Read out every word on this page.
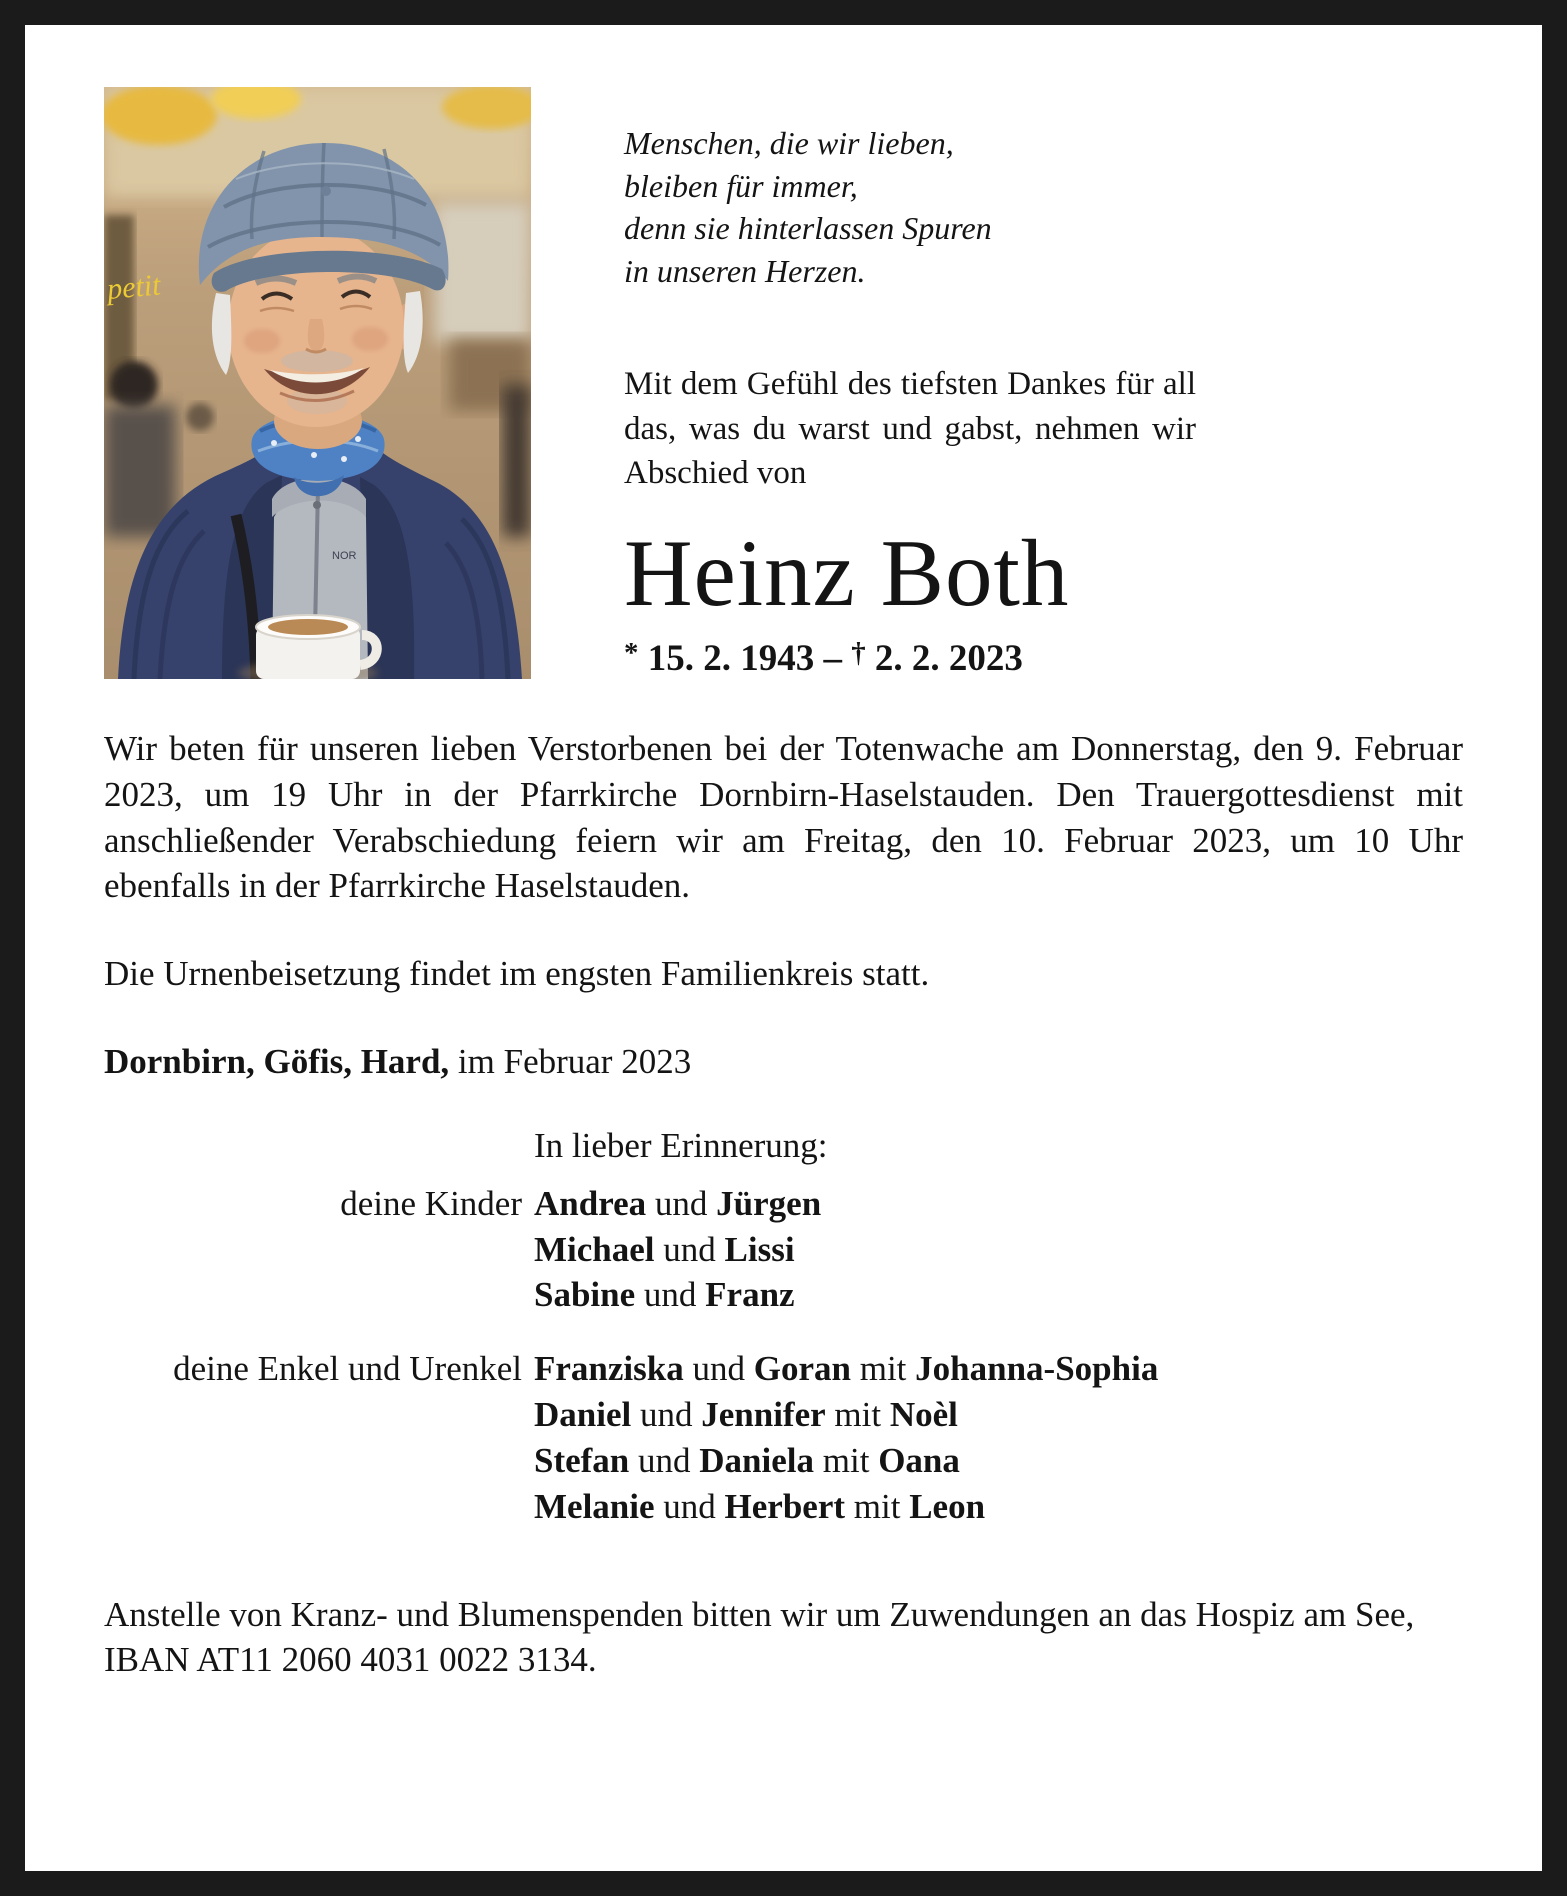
petit
NOR
Menschen, die wir lieben,
bleiben für immer,
denn sie hinterlassen Spuren
in unseren Herzen.
Mit dem Gefühl des tiefsten Dankes für all das, was du warst und gabst, nehmen wir Abschied von
Heinz Both
* 15. 2. 1943 – † 2. 2. 2023

Wir beten für unseren lieben Verstorbenen bei der Totenwache am Donnerstag, den 9. Februar 2023, um 19 Uhr in der Pfarrkirche Dornbirn-Haselstauden. Den Trauergottesdienst mit anschließender Verabschiedung feiern wir am Freitag, den 10. Februar 2023, um 10 Uhr ebenfalls in der Pfarrkirche Haselstauden.

Die Urnenbeisetzung findet im engsten Familienkreis statt.

Dornbirn, Göfis, Hard, im Februar 2023

In lieber Erinnerung:

deine Kinder Andrea und Jürgen
Michael und Lissi
Sabine und Franz
deine Enkel und Urenkel Franziska und Goran mit Johanna-Sophia
Daniel und Jennifer mit Noèl
Stefan und Daniela mit Oana
Melanie und Herbert mit Leon

Anstelle von Kranz- und Blumenspenden bitten wir um Zuwendungen an das Hospiz am See, IBAN AT11 2060 4031 0022 3134.
